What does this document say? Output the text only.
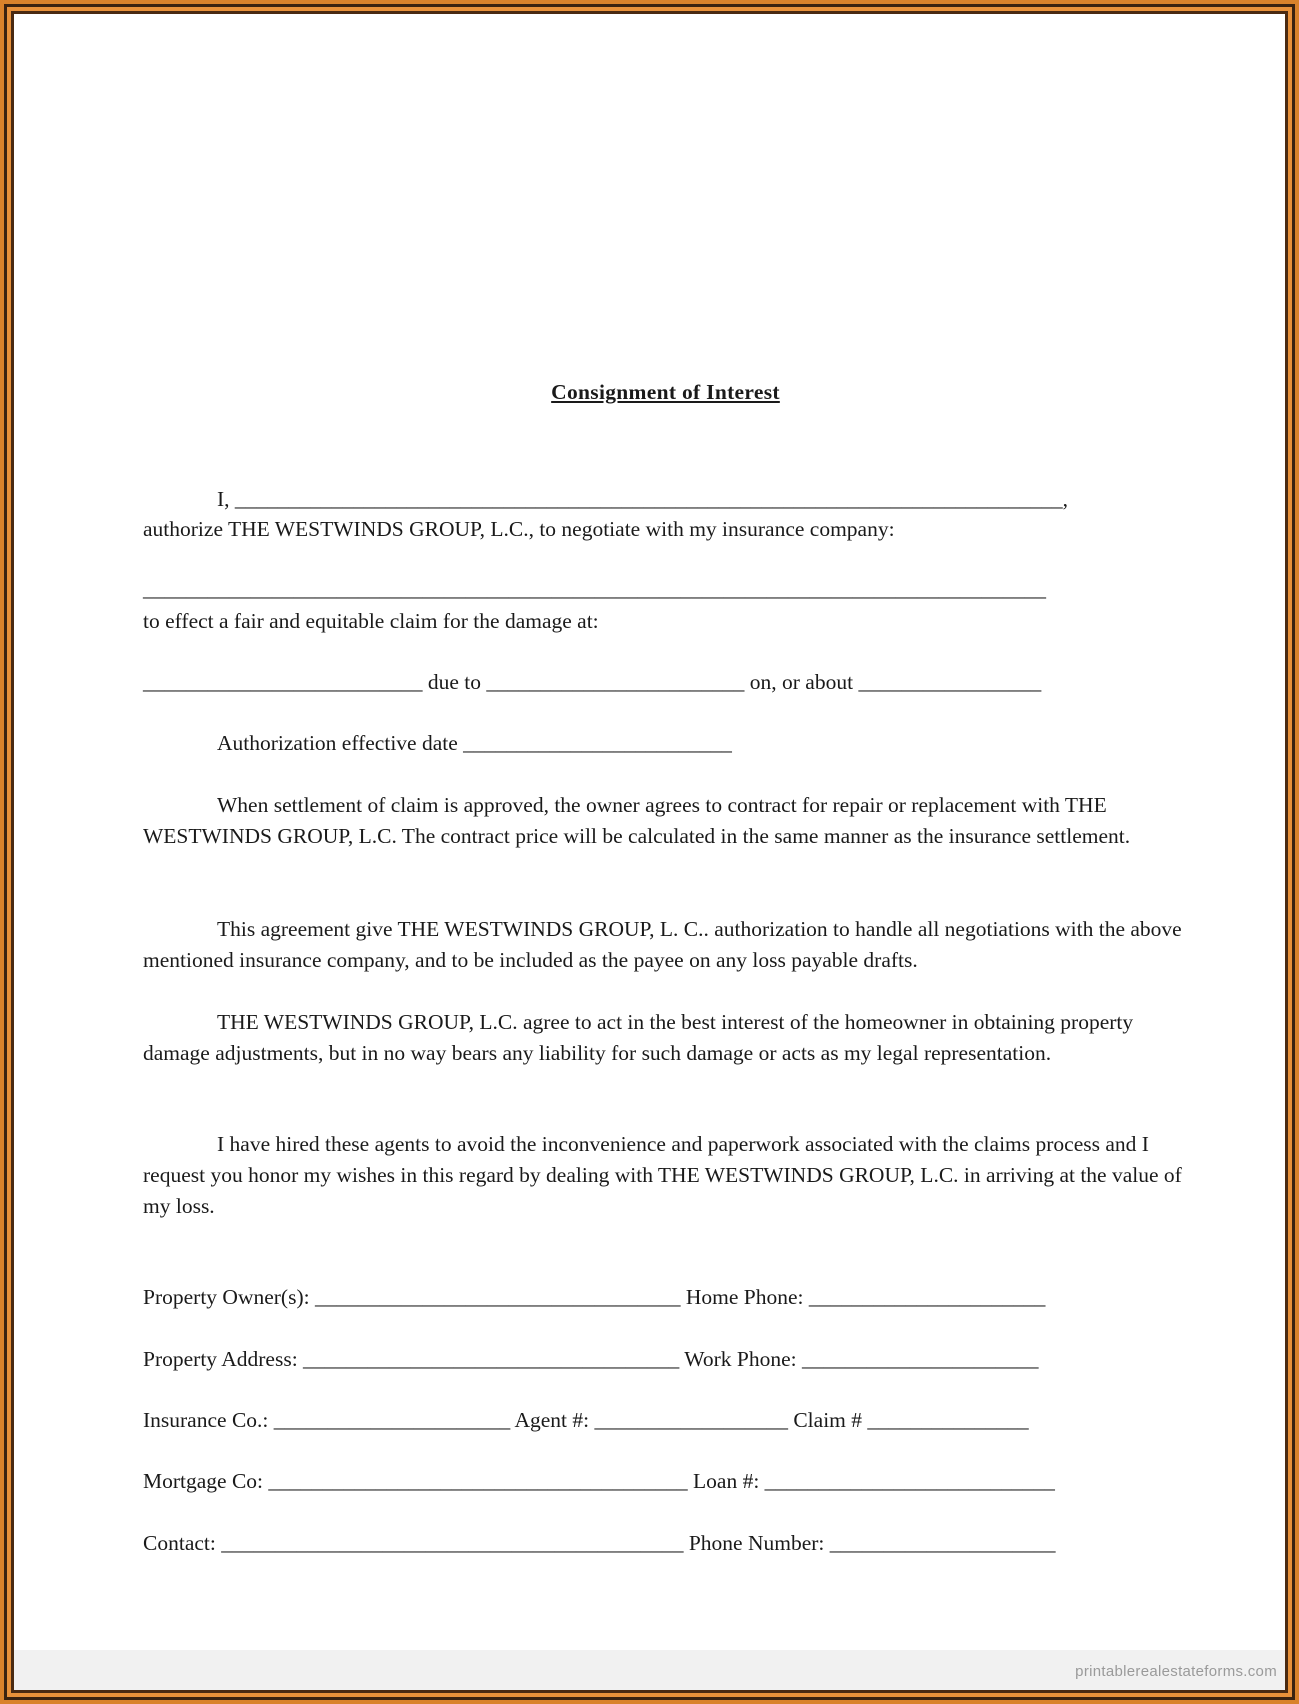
Consignment of Interest
I, _____________________________________________________________________________,
authorize THE WESTWINDS GROUP, L.C., to negotiate with my insurance company:
____________________________________________________________________________________
to effect a fair and equitable claim for the damage at:
__________________________ due to ________________________ on, or about _________________
Authorization effective date _________________________
When settlement of claim is approved, the owner agrees to contract for repair or replacement with THE WESTWINDS GROUP, L.C. The contract price will be calculated in the same manner as the insurance settlement.
This agreement give THE WESTWINDS GROUP, L. C.. authorization to handle all negotiations with the above mentioned insurance company, and to be included as the payee on any loss payable drafts.
THE WESTWINDS GROUP, L.C. agree to act in the best interest of the homeowner in obtaining property damage adjustments, but in no way bears any liability for such damage or acts as my legal representation.
I have hired these agents to avoid the inconvenience and paperwork associated with the claims process and I request you honor my wishes in this regard by dealing with THE WESTWINDS GROUP, L.C. in arriving at the value of my loss.
Property Owner(s): __________________________________ Home Phone: ______________________
Property Address: ___________________________________ Work Phone: ______________________
Insurance Co.: ______________________ Agent #: __________________ Claim # _______________
Mortgage Co: _______________________________________ Loan #: ___________________________
Contact: ___________________________________________ Phone Number: _____________________
printablerealestateforms.com
